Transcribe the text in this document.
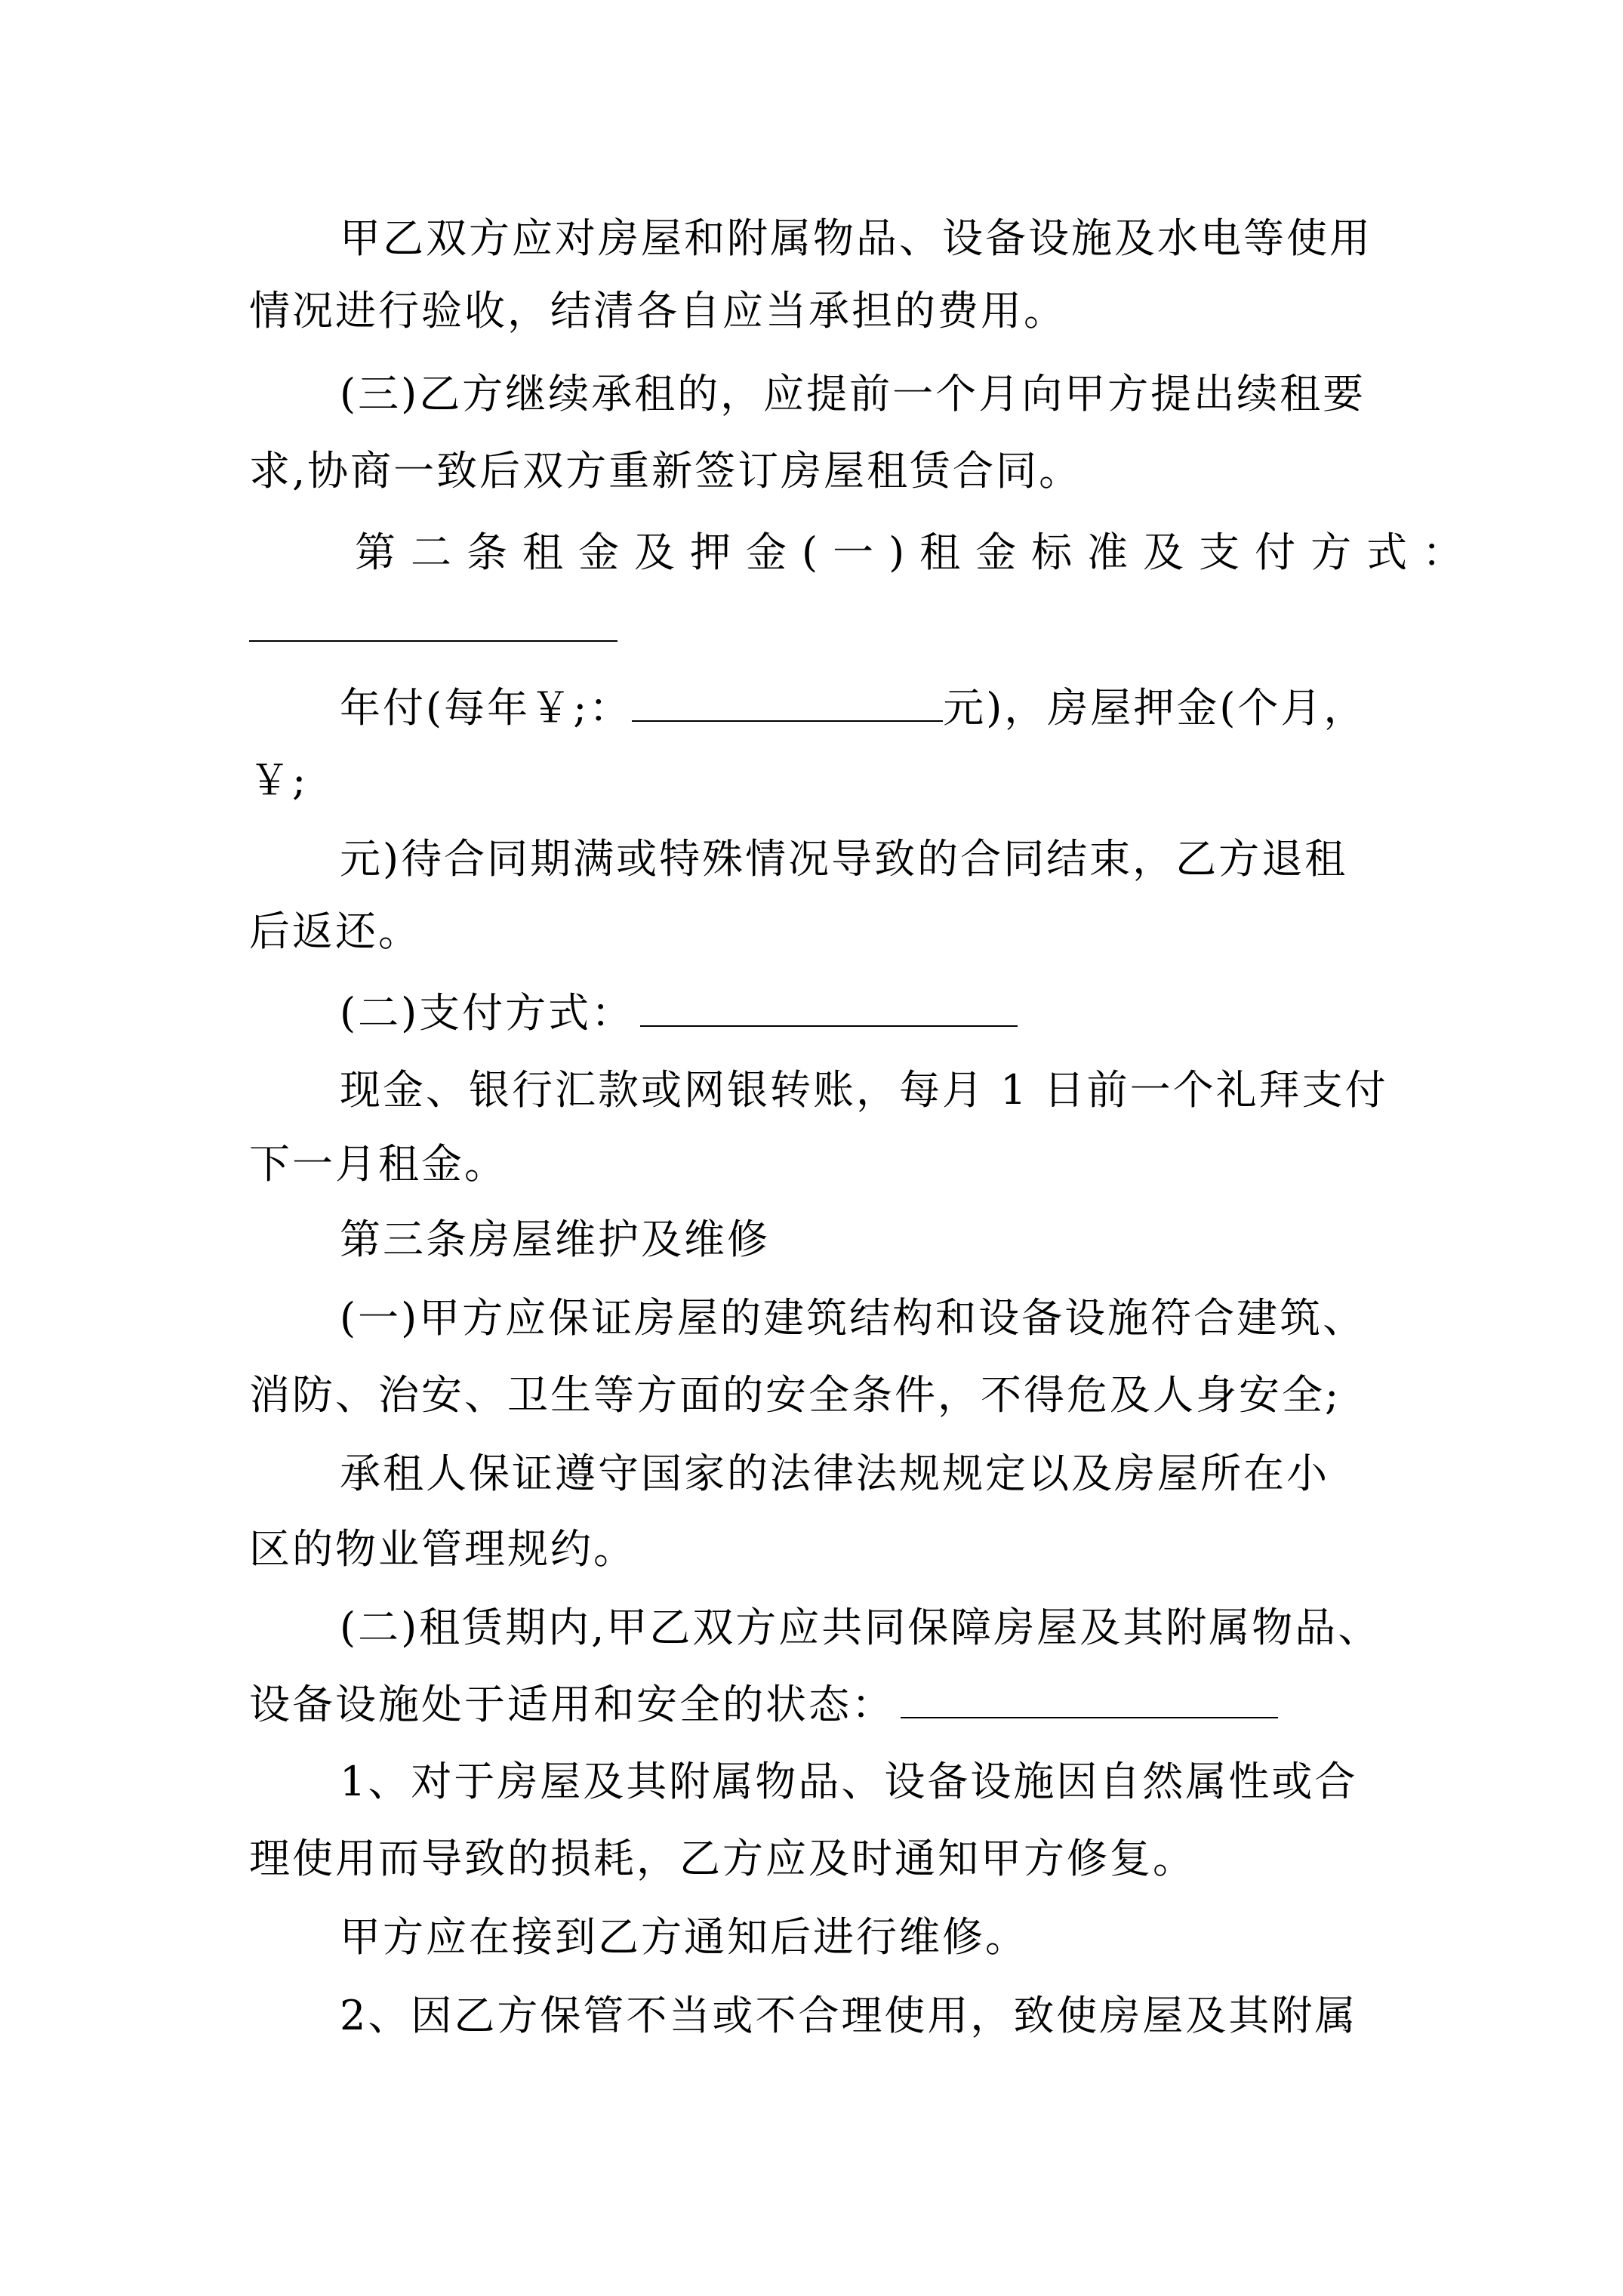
甲乙双方应对房屋和附属物品、设备设施及水电等使用
情况进行验收，结清各自应当承担的费用。
(三)乙方继续承租的，应提前一个月向甲方提出续租要
求,协商一致后双方重新签订房屋租赁合同。
第二条租金及押金(一)租金标准及支付方式：
年付(每年￥;：	元)，房屋押金(个月，
￥;
元)待合同期满或特殊情况导致的合同结束，乙方退租
后返还。
(二)支付方式：
现金、银行汇款或网银转账，每月 1 日前一个礼拜支付
下一月租金。
第三条房屋维护及维修
(一)甲方应保证房屋的建筑结构和设备设施符合建筑、
消防、治安、卫生等方面的安全条件，不得危及人身安全;
承租人保证遵守国家的法律法规规定以及房屋所在小
区的物业管理规约。
(二)租赁期内,甲乙双方应共同保障房屋及其附属物品、
设备设施处于适用和安全的状态：
1、对于房屋及其附属物品、设备设施因自然属性或合
理使用而导致的损耗，乙方应及时通知甲方修复。
甲方应在接到乙方通知后进行维修。
2、因乙方保管不当或不合理使用，致使房屋及其附属
